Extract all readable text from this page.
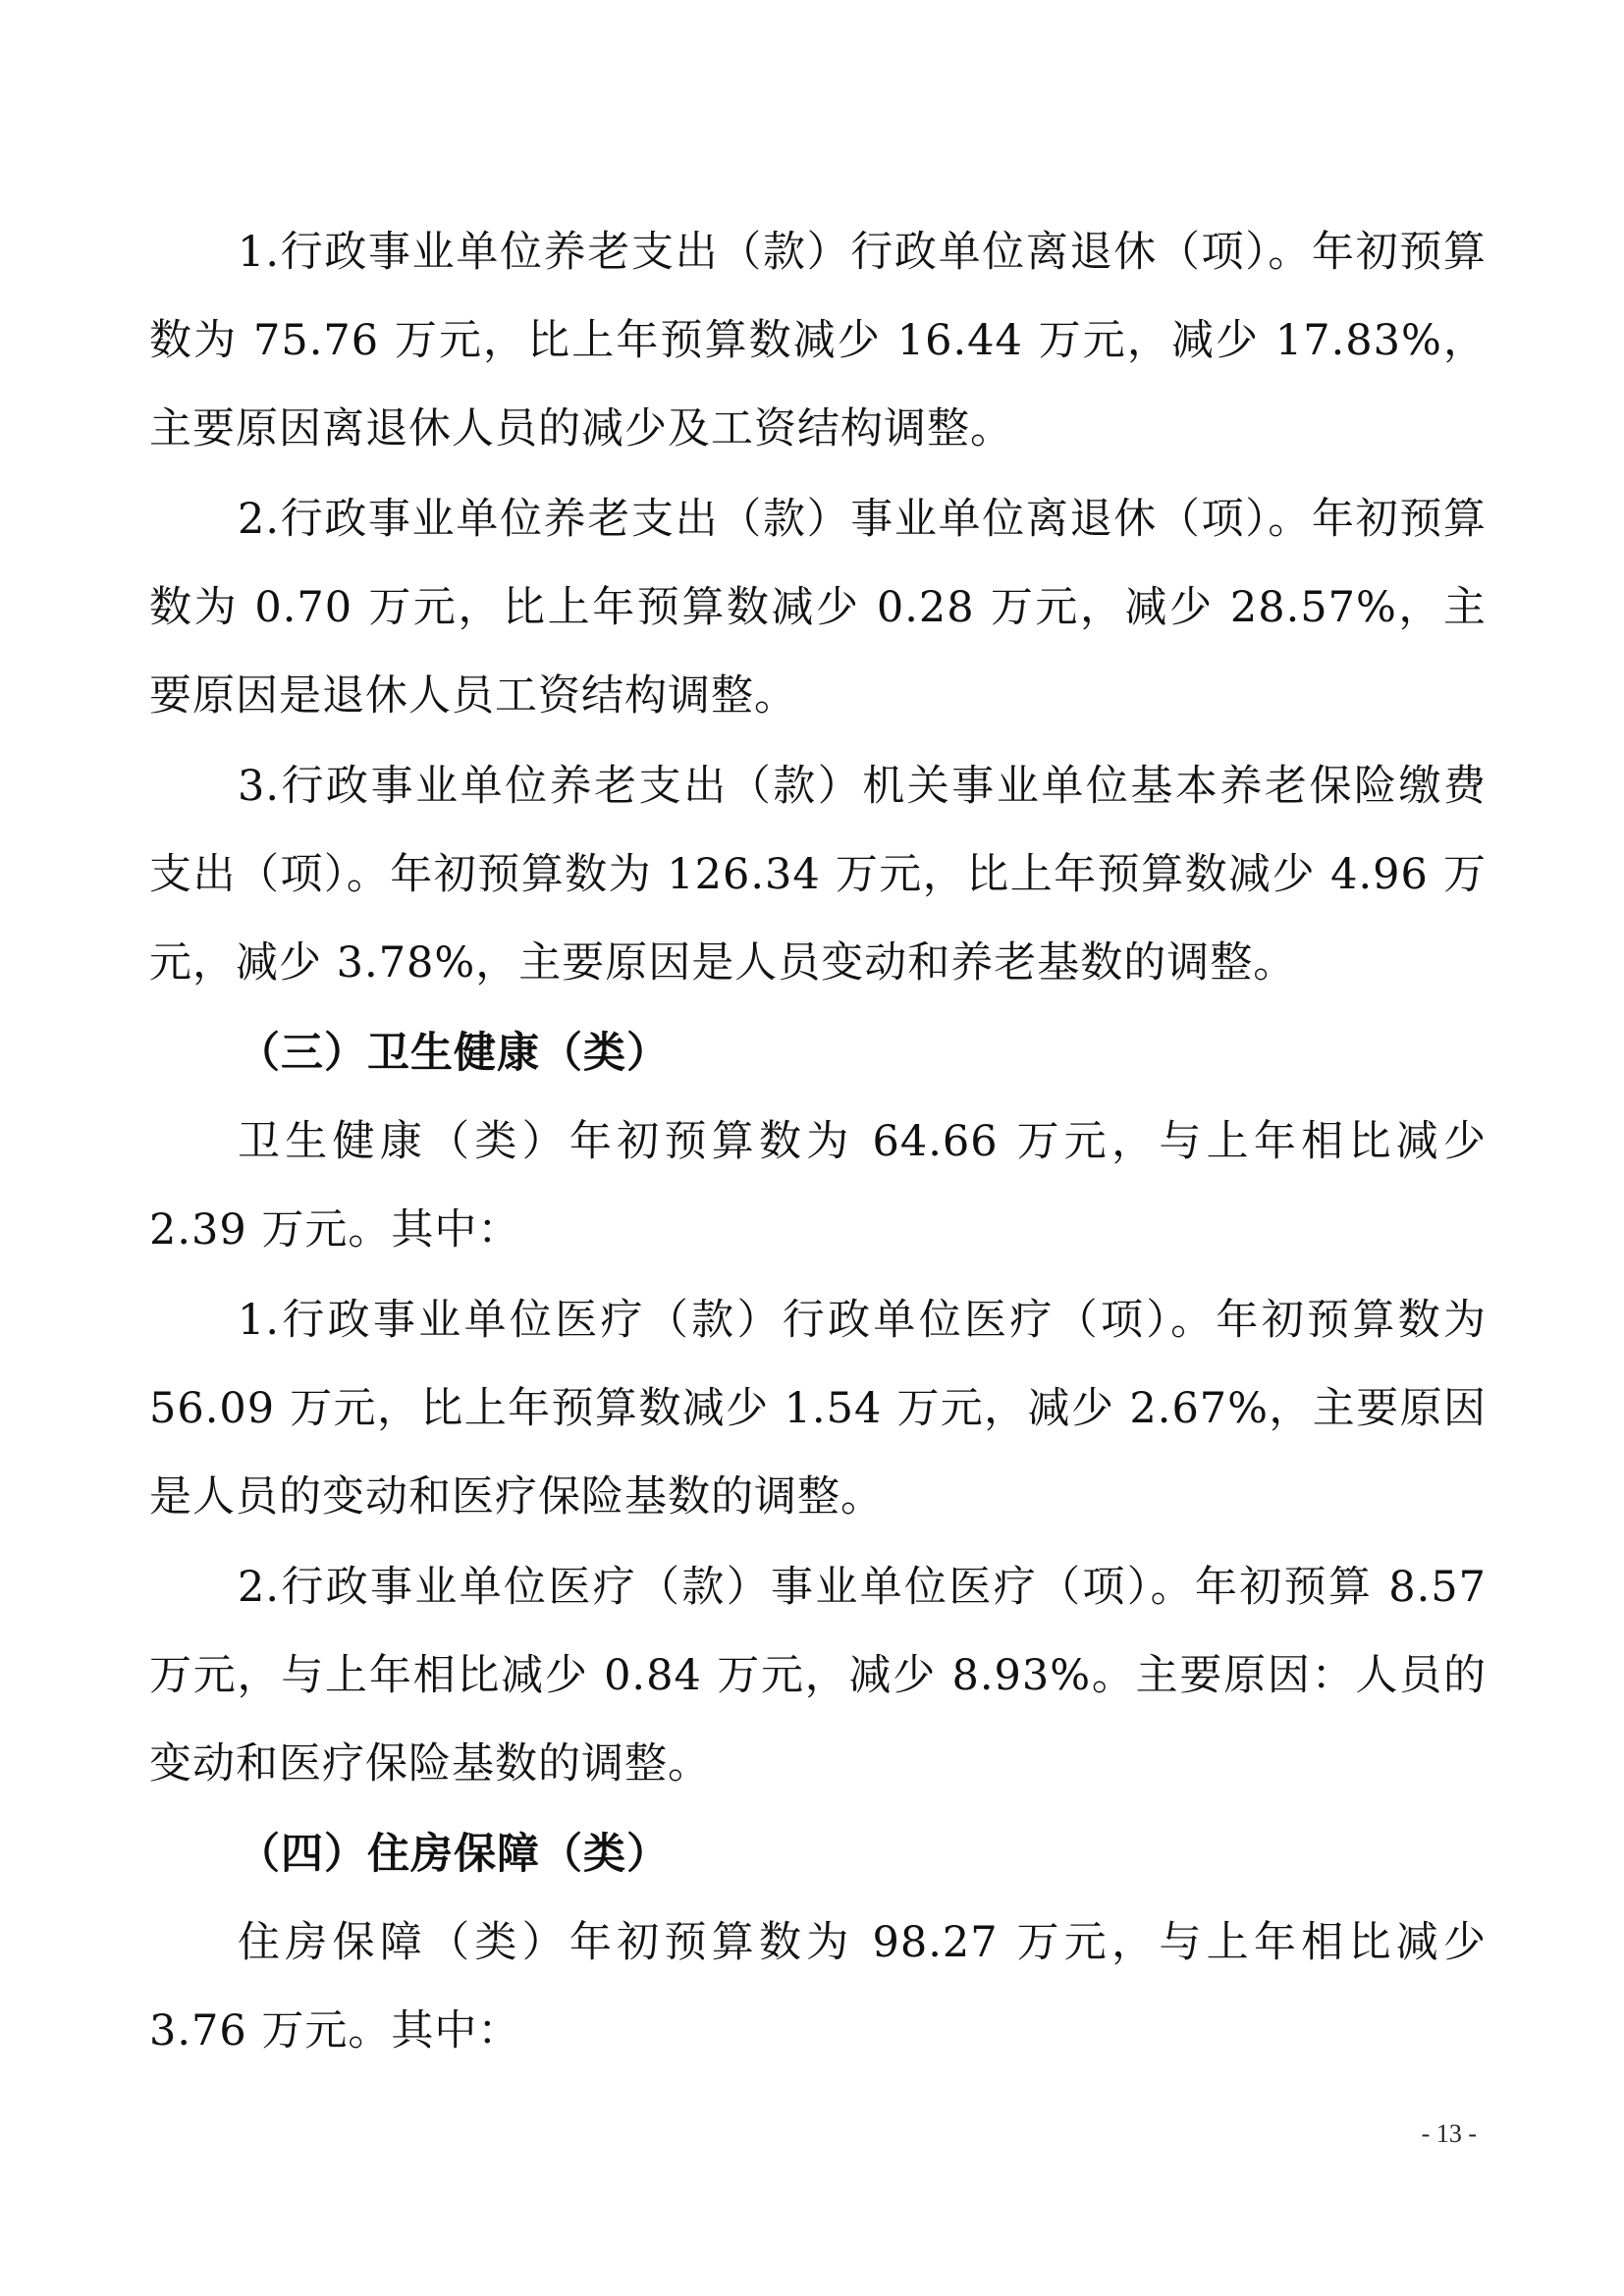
1.行政事业单位养老支出（款）行政单位离退休（项）。年初预算数为 75.76 万元，比上年预算数减少 16.44 万元，减少 17.83%，主要原因离退休人员的减少及工资结构调整。

2.行政事业单位养老支出（款）事业单位离退休（项）。年初预算数为 0.70 万元，比上年预算数减少 0.28 万元，减少 28.57%，主要原因是退休人员工资结构调整。

3.行政事业单位养老支出（款）机关事业单位基本养老保险缴费支出（项）。年初预算数为 126.34 万元，比上年预算数减少 4.96 万元，减少 3.78%，主要原因是人员变动和养老基数的调整。

（三）卫生健康（类）

卫生健康（类）年初预算数为 64.66 万元，与上年相比减少 2.39 万元。其中：

1.行政事业单位医疗（款）行政单位医疗（项）。年初预算数为 56.09 万元，比上年预算数减少 1.54 万元，减少 2.67%，主要原因是人员的变动和医疗保险基数的调整。

2.行政事业单位医疗（款）事业单位医疗（项）。年初预算 8.57 万元，与上年相比减少 0.84 万元，减少 8.93%。主要原因：人员的变动和医疗保险基数的调整。

（四）住房保障（类）

住房保障（类）年初预算数为 98.27 万元，与上年相比减少 3.76 万元。其中：

- 13 -
